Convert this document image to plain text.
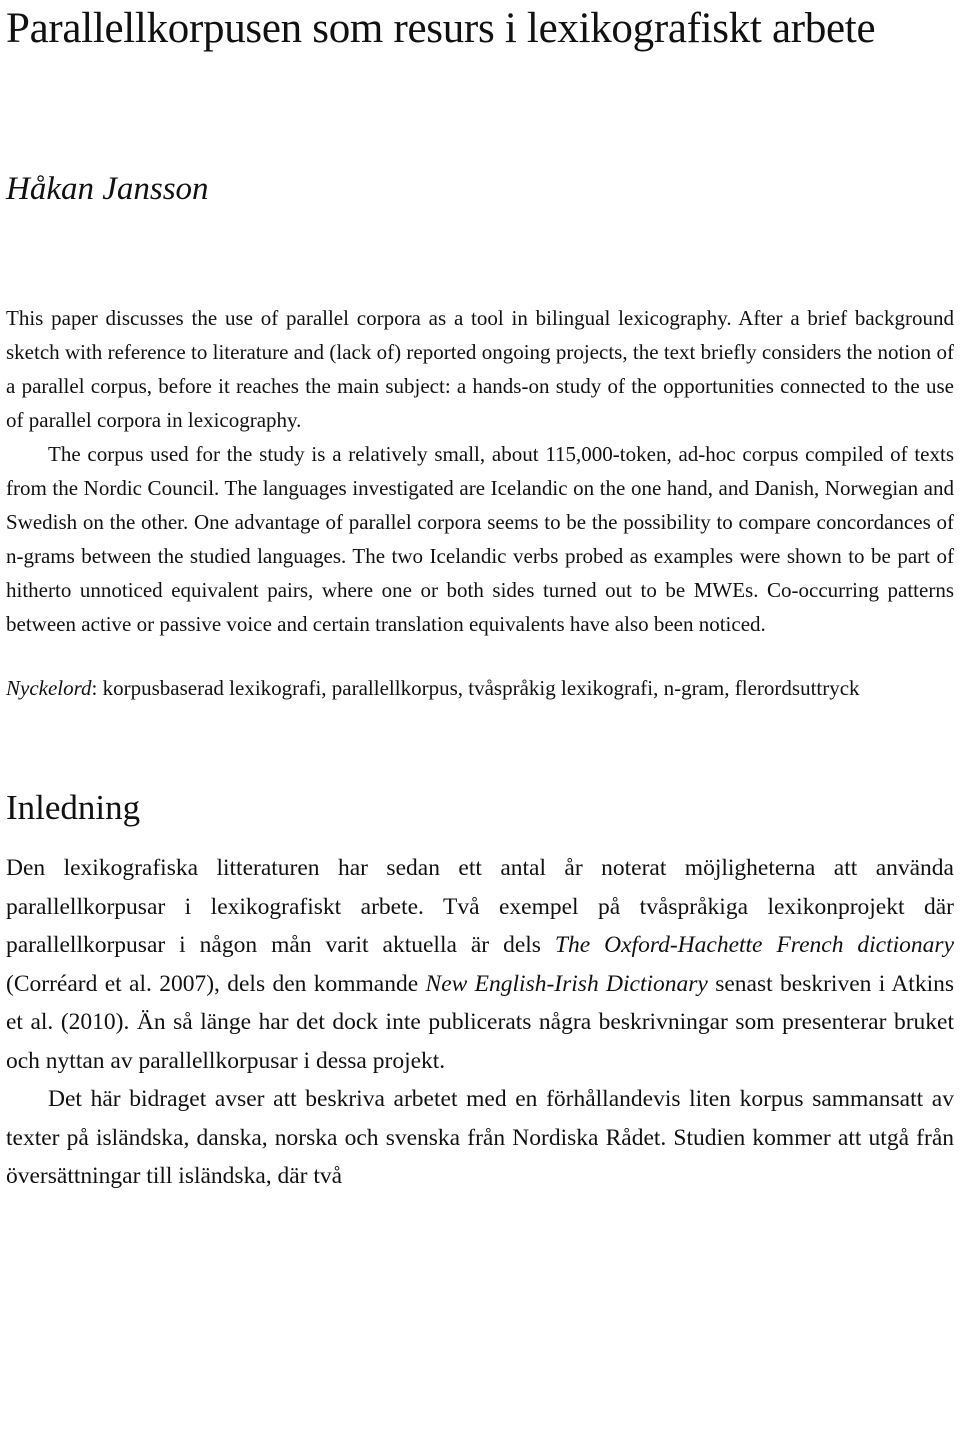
Parallellkorpusen som resurs i lexikografiskt arbete
Håkan Jansson

This paper discusses the use of parallel corpora as a tool in bilingual lexicography. After a brief background sketch with reference to literature and (lack of) reported ongoing projects, the text briefly considers the notion of a parallel corpus, before it reaches the main subject: a hands-on study of the opportunities connected to the use of parallel corpora in lexicography.

The corpus used for the study is a relatively small, about 115,000-token, ad-hoc corpus compiled of texts from the Nordic Council. The languages investigated are Icelandic on the one hand, and Danish, Norwegian and Swedish on the other. One advantage of parallel corpora seems to be the possibility to compare concordances of n-grams between the studied languages. The two Icelandic verbs probed as examples were shown to be part of hitherto unnoticed equivalent pairs, where one or both sides turned out to be MWEs. Co-occurring patterns between active or passive voice and certain translation equivalents have also been noticed.

Nyckelord: korpusbaserad lexikografi, parallellkorpus, tvåspråkig lexikografi, n-gram, flerordsuttryck

Inledning

Den lexikografiska litteraturen har sedan ett antal år noterat möjligheterna att använda parallellkorpusar i lexikografiskt arbete. Två exempel på tvåspråkiga lexikonprojekt där parallellkorpusar i någon mån varit aktuella är dels The Oxford-Hachette French dictionary (Corréard et al. 2007), dels den kommande New English-Irish Dictionary senast beskriven i Atkins et al. (2010). Än så länge har det dock inte publicerats några beskrivningar som presenterar bruket och nyttan av parallellkorpusar i dessa projekt.

Det här bidraget avser att beskriva arbetet med en förhållandevis liten korpus sammansatt av texter på isländska, danska, norska och svenska från Nordiska Rådet. Studien kommer att utgå från översättningar till isländska, där två
